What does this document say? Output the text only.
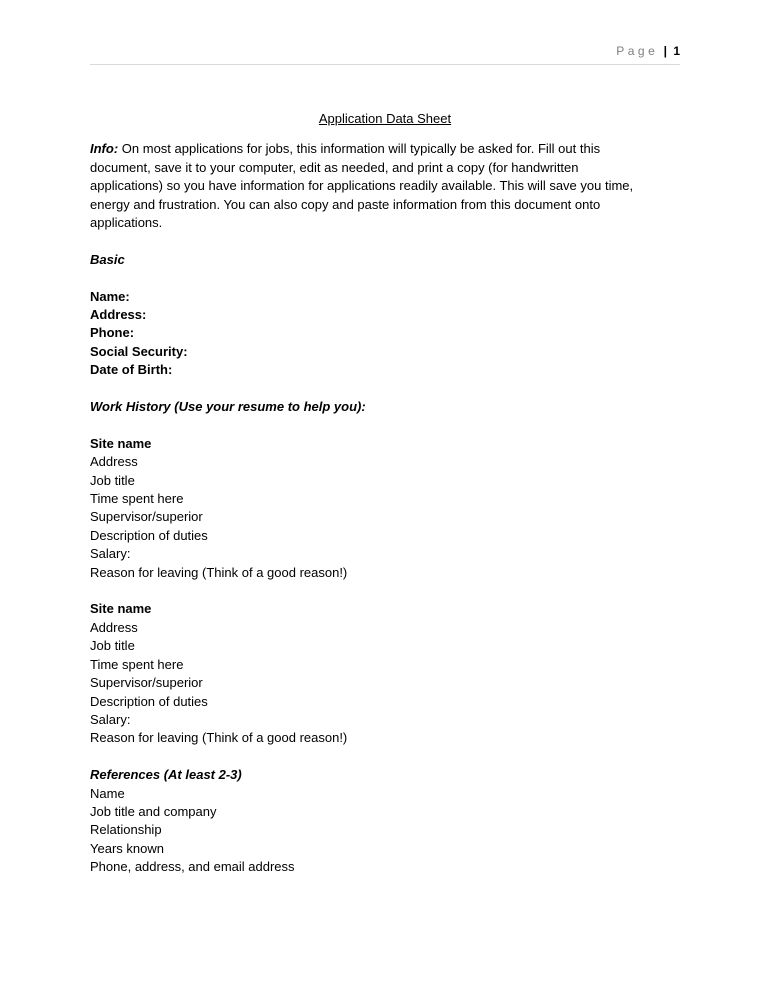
Page | 1
Application Data Sheet
Info: On most applications for jobs, this information will typically be asked for. Fill out this
document, save it to your computer, edit as needed, and print a copy (for handwritten
applications) so you have information for applications readily available. This will save you time,
energy and frustration. You can also copy and paste information from this document onto
applications.
Basic
Name:
Address:
Phone:
Social Security:
Date of Birth:
Work History (Use your resume to help you):
Site name
Address
Job title
Time spent here
Supervisor/superior
Description of duties
Salary:
Reason for leaving (Think of a good reason!)
Site name
Address
Job title
Time spent here
Supervisor/superior
Description of duties
Salary:
Reason for leaving (Think of a good reason!)
References (At least 2-3)
Name
Job title and company
Relationship
Years known
Phone, address, and email address
